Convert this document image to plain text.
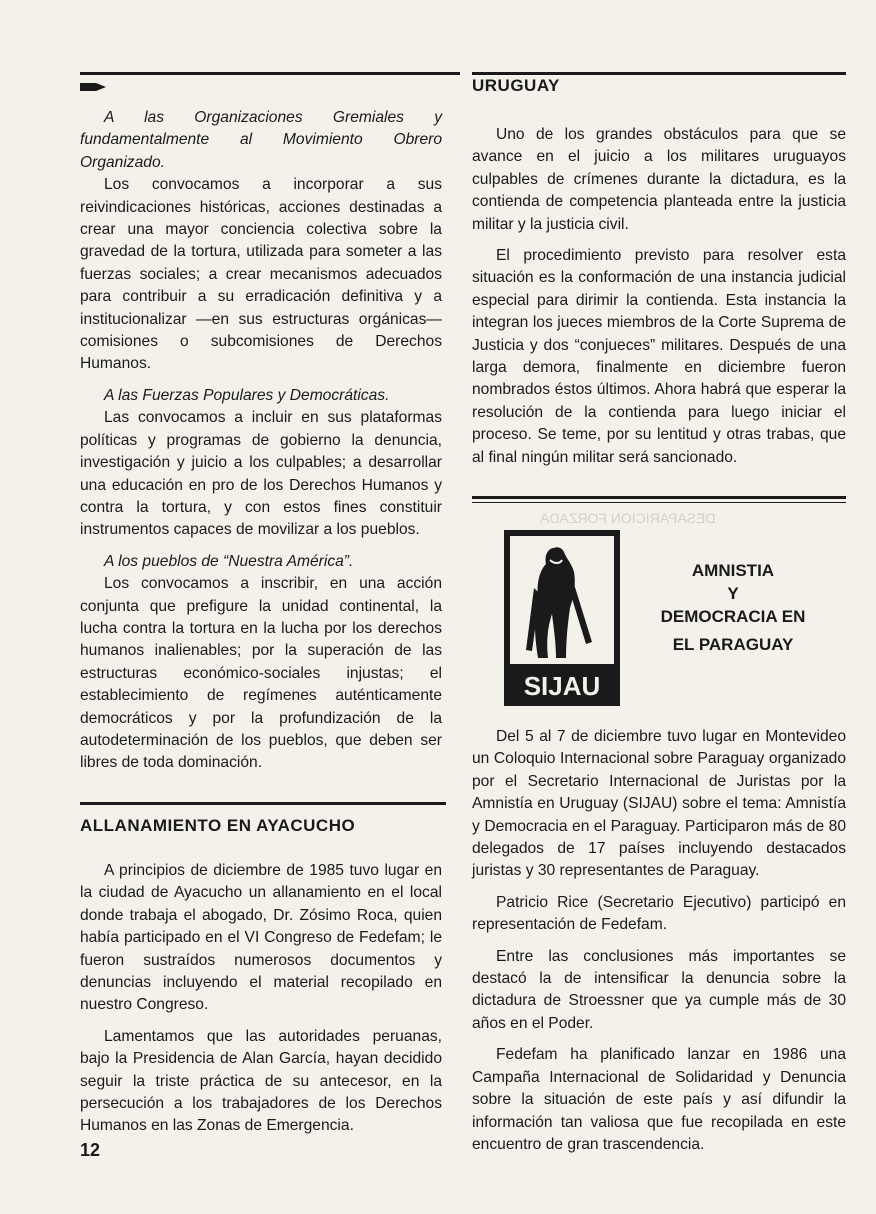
DESAPARICION FORZADA

A las Organizaciones Gremiales y fundamentalmente al Movimiento Obrero Organizado.

Los convocamos a incorporar a sus reivindicaciones históricas, acciones destinadas a crear una mayor conciencia colectiva sobre la gravedad de la tortura, utilizada para someter a las fuerzas sociales; a crear mecanismos adecuados para contribuir a su erradicación definitiva y a institucionalizar —en sus estructuras orgánicas— comisiones o subcomisiones de Derechos Humanos.

A las Fuerzas Populares y Democráticas.

Las convocamos a incluir en sus plataformas políticas y programas de gobierno la denuncia, investigación y juicio a los culpables; a desarrollar una educación en pro de los Derechos Humanos y contra la tortura, y con estos fines constituir instrumentos capaces de movilizar a los pueblos.

A los pueblos de “Nuestra América”.

Los convocamos a inscribir, en una acción conjunta que prefigure la unidad continental, la lucha contra la tortura en la lucha por los derechos humanos inalienables; por la superación de las estructuras económico-sociales injustas; el establecimiento de regímenes auténticamente democráticos y por la profundización de la autodeterminación de los pueblos, que deben ser libres de toda dominación.

ALLANAMIENTO EN AYACUCHO

A principios de diciembre de 1985 tuvo lugar en la ciudad de Ayacucho un allanamiento en el local donde trabaja el abogado, Dr. Zósimo Roca, quien había participado en el VI Congreso de Fedefam; le fueron sustraídos numerosos documentos y denuncias incluyendo el material recopilado en nuestro Congreso.

Lamentamos que las autoridades peruanas, bajo la Presidencia de Alan García, hayan decidido seguir la triste práctica de su antecesor, en la persecución a los trabajadores de los Derechos Humanos en las Zonas de Emergencia.

URUGUAY

Uno de los grandes obstáculos para que se avance en el juicio a los militares uruguayos culpables de crímenes durante la dictadura, es la contienda de competencia planteada entre la justicia militar y la justicia civil.

El procedimiento previsto para resolver esta situación es la conformación de una instancia judicial especial para dirimir la contienda. Esta instancia la integran los jueces miembros de la Corte Suprema de Justicia y dos “conjueces” militares. Después de una larga demora, finalmente en diciembre fueron nombrados éstos últimos. Ahora habrá que esperar la resolución de la contienda para luego iniciar el proceso. Se teme, por su lentitud y otras trabas, que al final ningún militar será sancionado.

SIJAU
AMNISTIA
Y
DEMOCRACIA EN
EL PARAGUAY

Del 5 al 7 de diciembre tuvo lugar en Montevideo un Coloquio Internacional sobre Paraguay organizado por el Secretario Internacional de Juristas por la Amnistía en Uruguay (SIJAU) sobre el tema: Amnistía y Democracia en el Paraguay. Participaron más de 80 delegados de 17 países incluyendo destacados juristas y 30 representantes de Paraguay.

Patricio Rice (Secretario Ejecutivo) participó en representación de Fedefam.

Entre las conclusiones más importantes se destacó la de intensificar la denuncia sobre la dictadura de Stroessner que ya cumple más de 30 años en el Poder.

Fedefam ha planificado lanzar en 1986 una Campaña Internacional de Solidaridad y Denuncia sobre la situación de este país y así difundir la información tan valiosa que fue recopilada en este encuentro de gran trascendencia.

12
